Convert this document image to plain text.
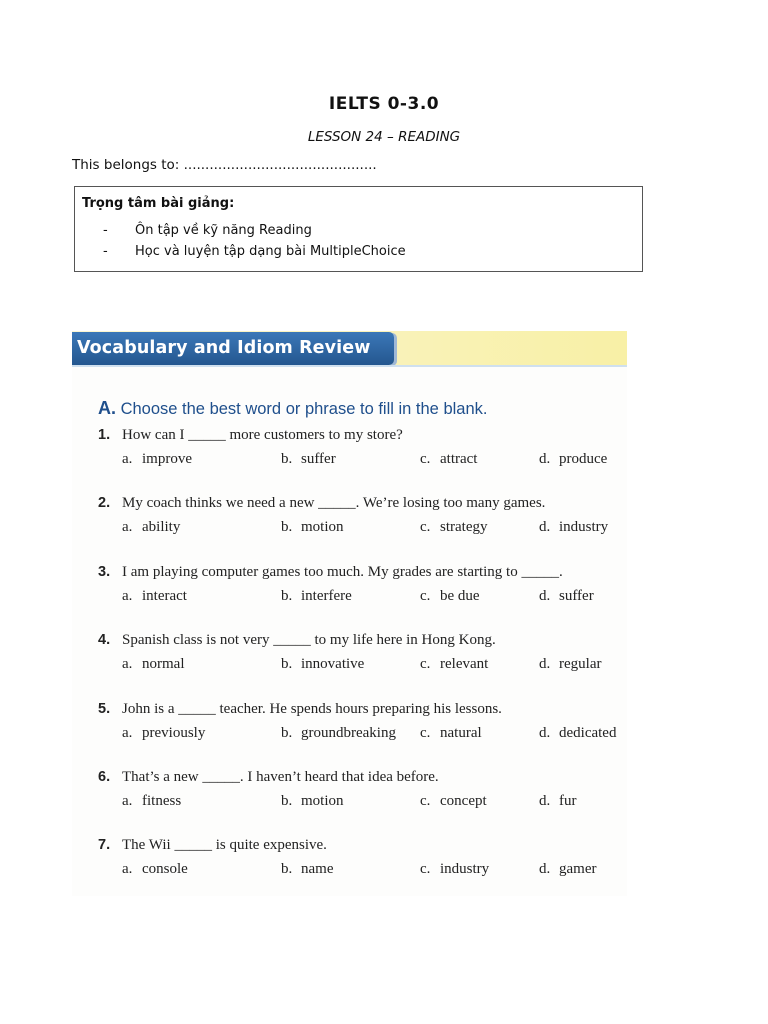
IELTS 0-3.0
LESSON 24 – READING
This belongs to: .............................................
Trọng tâm bài giảng:
- Ôn tập về kỹ năng Reading
- Học và luyện tập dạng bài MultipleChoice
Vocabulary and Idiom Review
A. Choose the best word or phrase to fill in the blank.
1. How can I _____ more customers to my store?
a. improve	b. suffer	c. attract	d. produce
2. My coach thinks we need a new _____. We’re losing too many games.
a. ability	b. motion	c. strategy	d. industry
3. I am playing computer games too much. My grades are starting to _____.
a. interact	b. interfere	c. be due	d. suffer
4. Spanish class is not very _____ to my life here in Hong Kong.
a. normal	b. innovative	c. relevant	d. regular
5. John is a _____ teacher. He spends hours preparing his lessons.
a. previously	b. groundbreaking c. natural	d. dedicated
6. That’s a new _____. I haven’t heard that idea before.
a. fitness	b. motion	c. concept	d. fur
7. The Wii _____ is quite expensive.
a. console	b. name	c. industry	d. gamer
